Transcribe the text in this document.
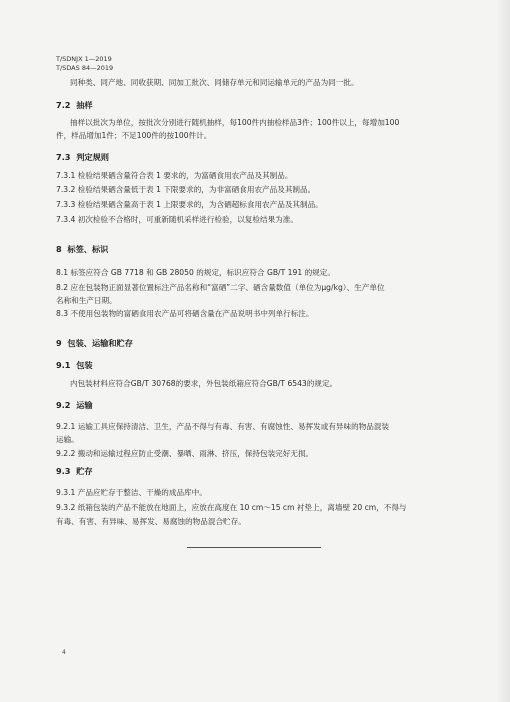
T/SDNJX 1—2019
T/SDAS 84—2019
同种类、同产地、同收获期、同加工批次、同储存单元和同运输单元的产品为同一批。
7.2 抽样
抽样以批次为单位，按批次分别进行随机抽样，每100件内抽检样品3件；100件以上，每增加100
件，样品增加1件；不足100件的按100件计。
7.3 判定规则
7.3.1 检验结果硒含量符合表 1 要求的，为富硒食用农产品及其制品。
7.3.2 检验结果硒含量低于表 1 下限要求的，为非富硒食用农产品及其制品。
7.3.3 检验结果硒含量高于表 1 上限要求的，为含硒超标食用农产品及其制品。
7.3.4 初次检验不合格时，可重新随机采样进行检验，以复检结果为准。
8 标签、标识
8.1 标签应符合 GB 7718 和 GB 28050 的规定，标识应符合 GB/T 191 的规定。
8.2 应在包装物正面显著位置标注产品名称和“富硒”二字、硒含量数值（单位为μg/kg）、生产单位
名称和生产日期。
8.3 不使用包装物的富硒食用农产品可将硒含量在产品说明书中列单行标注。
9 包装、运输和贮存
9.1 包装
内包装材料应符合GB/T 30768的要求，外包装纸箱应符合GB/T 6543的规定。
9.2 运输
9.2.1 运输工具应保持清洁、卫生，产品不得与有毒、有害、有腐蚀性、易挥发或有异味的物品混装
运输。
9.2.2 搬动和运输过程应防止受潮、暴晒、雨淋、挤压，保持包装完好无损。
9.3 贮存
9.3.1 产品应贮存于整洁、干燥的成品库中。
9.3.2 纸箱包装的产品不能放在地面上，应放在高度在 10 cm～15 cm 衬垫上，离墙壁 20 cm，不得与
有毒、有害、有异味、易挥发、易腐蚀的物品混合贮存。
4
